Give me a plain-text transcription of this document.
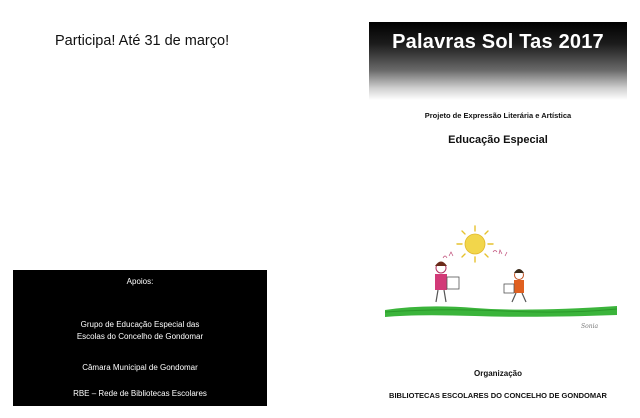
Participa! Até 31 de março!
Apoios:
Grupo de Educação Especial das
Escolas do Concelho de Gondomar
Câmara Municipal de Gondomar
RBE – Rede de Bibliotecas Escolares
Palavras Sol Tas 2017
Projeto de Expressão Literária e Artística
Educação Especial
Sonia
Organização
BIBLIOTECAS ESCOLARES DO CONCELHO DE GONDOMAR
